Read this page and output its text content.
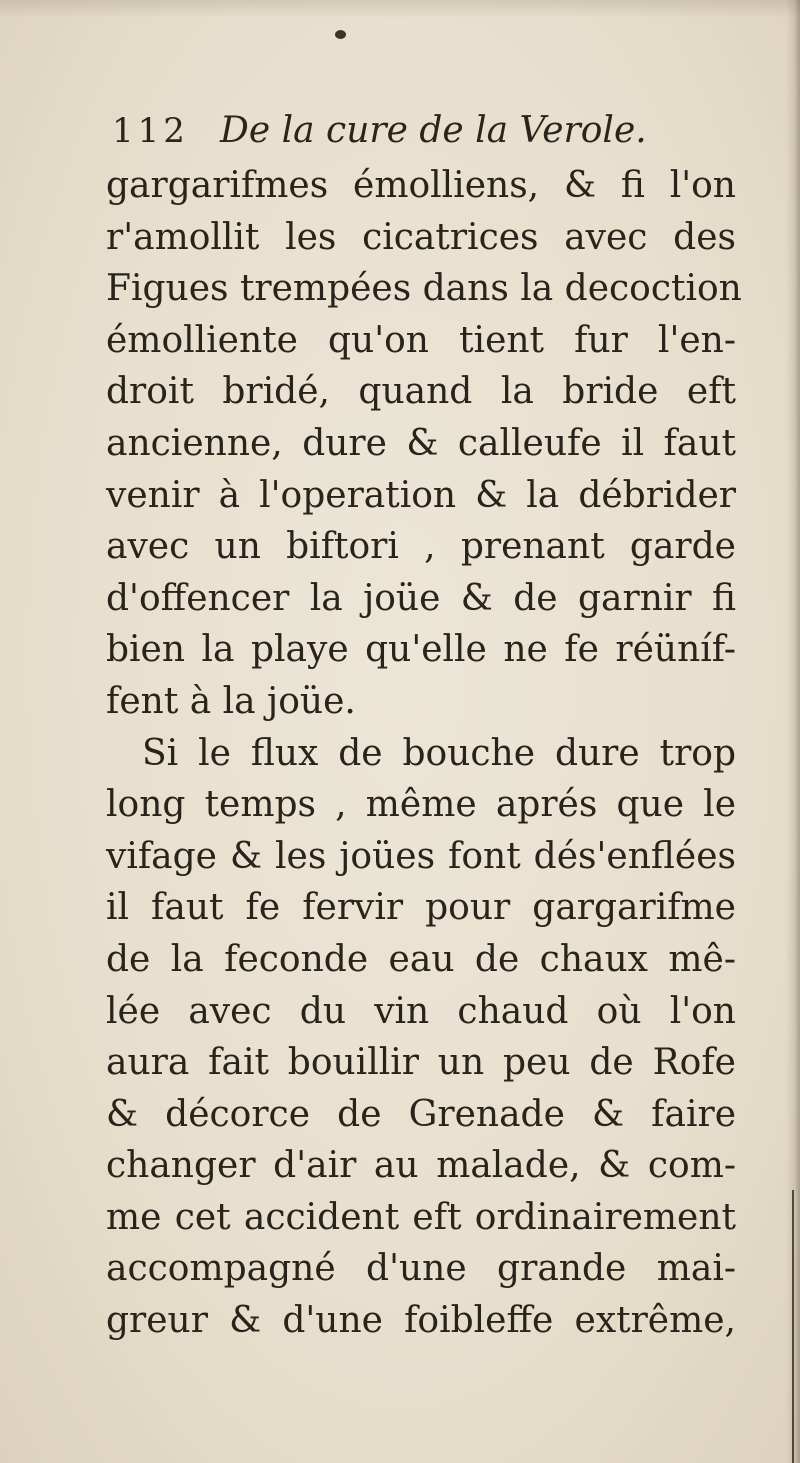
112 De la cure de la Verole.
gargarifmes émolliens, & fi l'on
r'amollit les cicatrices avec des
Figues trempées dans la decoction
émolliente qu'on tient fur l'en-
droit bridé, quand la bride eft
ancienne, dure & calleufe il faut
venir à l'operation & la débrider
avec un biftori , prenant garde
d'offencer la joüe & de garnir fi
bien la playe qu'elle ne fe réüníf-
fent à la joüe.
Si le flux de bouche dure trop
long temps , même aprés que le
vifage & les joües font dés'enflées
il faut fe fervir pour gargarifme
de la feconde eau de chaux mê-
lée avec du vin chaud où l'on
aura fait bouillir un peu de Rofe
& décorce de Grenade & faire
changer d'air au malade, & com-
me cet accident eft ordinairement
accompagné d'une grande mai-
greur & d'une foibleffe extrême,
